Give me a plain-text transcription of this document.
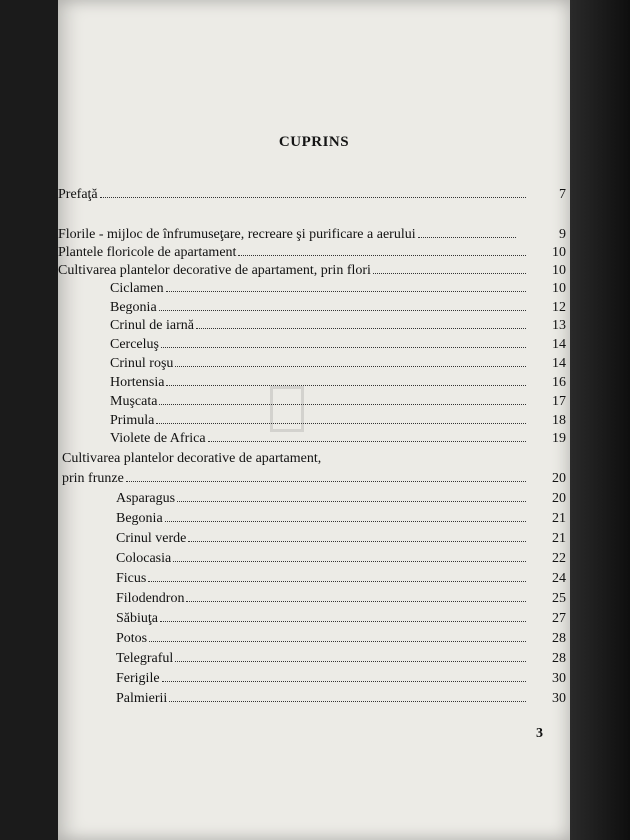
CUPRINS
Prefaţă	7
Florile - mijloc de înfrumuseţare, recreare şi purificare a aerului	9
Plantele floricole de apartament	10
Cultivarea plantelor decorative de apartament, prin flori	10
Ciclamen	10
Begonia	12
Crinul de iarnă	13
Cerceluş	14
Crinul roşu	14
Hortensia	16
Muşcata	17
Primula	18
Violete de Africa	19
Cultivarea plantelor decorative de apartament,
prin frunze	20
Asparagus	20
Begonia	21
Crinul verde	21
Colocasia	22
Ficus	24
Filodendron	25
Săbiuţa	27
Potos	28
Telegraful	28
Ferigile	30
Palmierii	30
3
